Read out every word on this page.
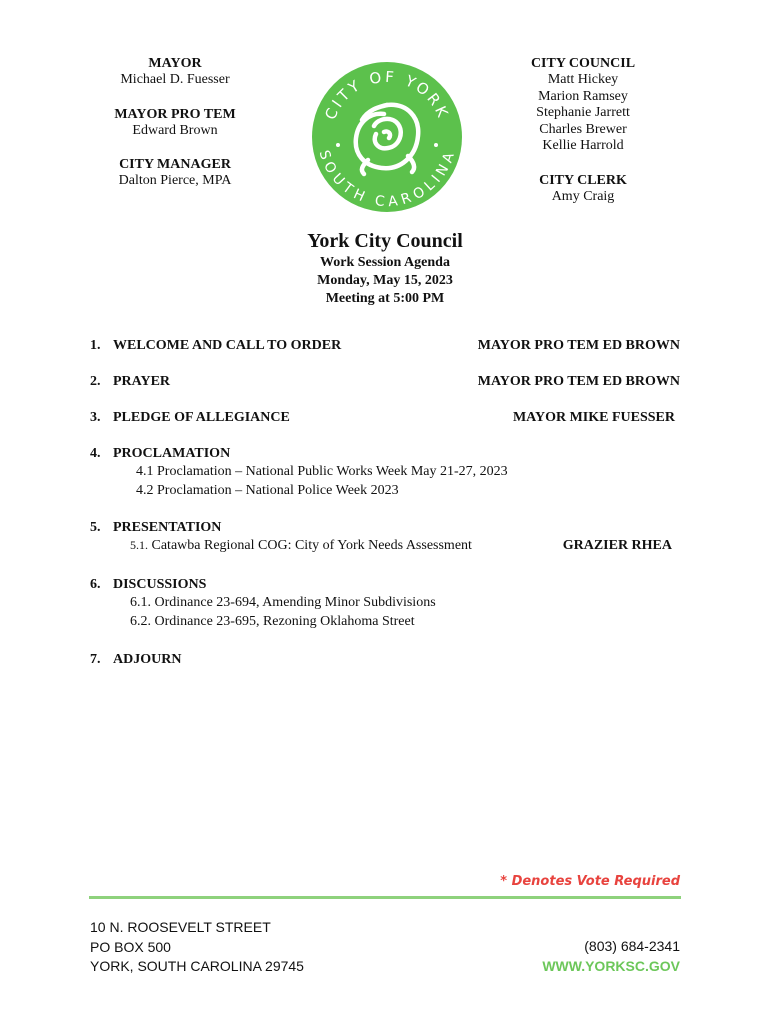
MAYOR
Michael D. Fuesser
MAYOR PRO TEM
Edward Brown
CITY MANAGER
Dalton Pierce, MPA
CITY COUNCIL
Matt Hickey
Marion Ramsey
Stephanie Jarrett
Charles Brewer
Kellie Harrold
CITY CLERK
Amy Craig
CITY OF YORK
SOUTH CAROLINA
York City Council
Work Session Agenda
Monday, May 15, 2023
Meeting at 5:00 PM
1. WELCOME AND CALL TO ORDER	MAYOR PRO TEM ED BROWN
2. PRAYER	MAYOR PRO TEM ED BROWN
3. PLEDGE OF ALLEGIANCE	MAYOR MIKE FUESSER
4. PROCLAMATION
4.1 Proclamation – National Public Works Week May 21-27, 2023
4.2 Proclamation – National Police Week 2023
5. PRESENTATION
5.1. Catawba Regional COG: City of York Needs Assessment	GRAZIER RHEA
6. DISCUSSIONS
6.1. Ordinance 23-694, Amending Minor Subdivisions
6.2. Ordinance 23-695, Rezoning Oklahoma Street
7. ADJOURN
* Denotes Vote Required
10 N. ROOSEVELT STREET
PO BOX 500
YORK, SOUTH CAROLINA 29745
(803) 684-2341
WWW.YORKSC.GOV
